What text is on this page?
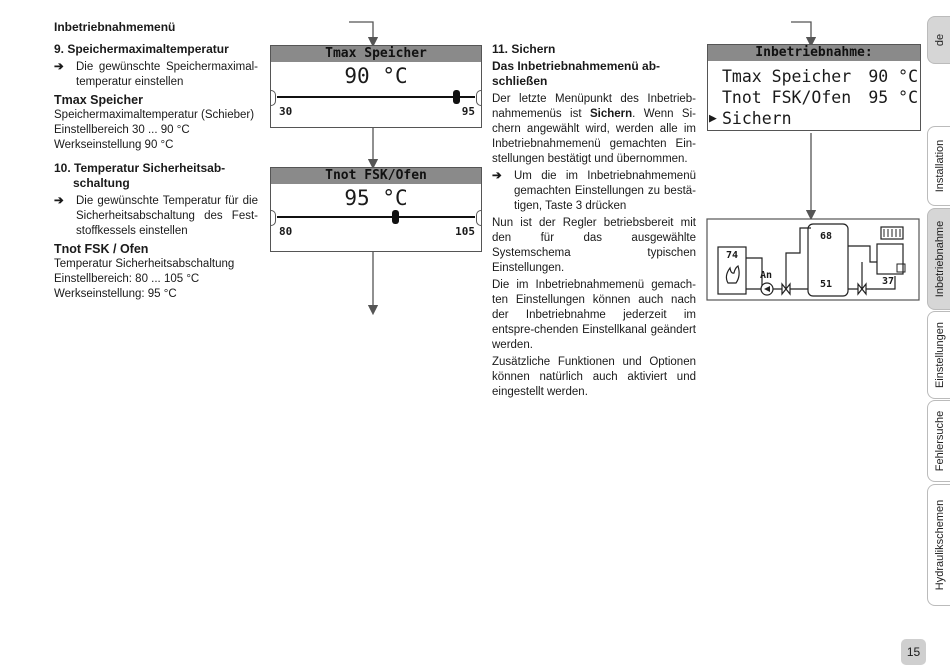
Inbetriebnahmemenü

9. Speichermaximaltemperatur

➔ Die gewünschte Speichermaximal-temperatur einstellen

Tmax Speicher

Speichermaximaltemperatur (Schieber)

Einstellbereich 30 ... 90 °C

Werkseinstellung 90 °C

10. Temperatur Sicherheitsab-

schaltung

➔ Die gewünschte Temperatur für die Sicherheitsabschaltung des Fest-stoffkessels einstellen

Tnot FSK / Ofen

Temperatur Sicherheitsabschaltung

Einstellbereich: 80 ... 105 °C

Werkseinstellung: 95 °C

Tmax Speicher
90 °C
30	95
Tnot FSK/Ofen
95 °C
80	105

11. Sichern

Das Inbetriebnahmemenü ab-

schließen

Der letzte Menüpunkt des Inbetrieb-nahmemenüs ist Sichern. Wenn Si-chern angewählt wird, werden alle im Inbetriebnahmemenü gemachten Ein-stellungen bestätigt und übernommen.

➔ Um die im Inbetriebnahmemenü gemachten Einstellungen zu bestä-tigen, Taste 3 drücken

Nun ist der Regler betriebsbereit mit den für das ausgewählte Systemschema typischen Einstellungen.

Die im Inbetriebnahmemenü gemach-ten Einstellungen können auch nach der Inbetriebnahme jederzeit im entspre-chenden Einstellkanal geändert werden.

Zusätzliche Funktionen und Optionen können natürlich auch aktiviert und eingestellt werden.

Inbetriebnahme:
Tmax Speicher 90 °C
Tnot FSK/Ofen 95 °C
▶ Sichern
74
68
51	37
An
de
Installation
Inbetriebnahme
Einstellungen
Fehlersuche
Hydraulikschemen
15
